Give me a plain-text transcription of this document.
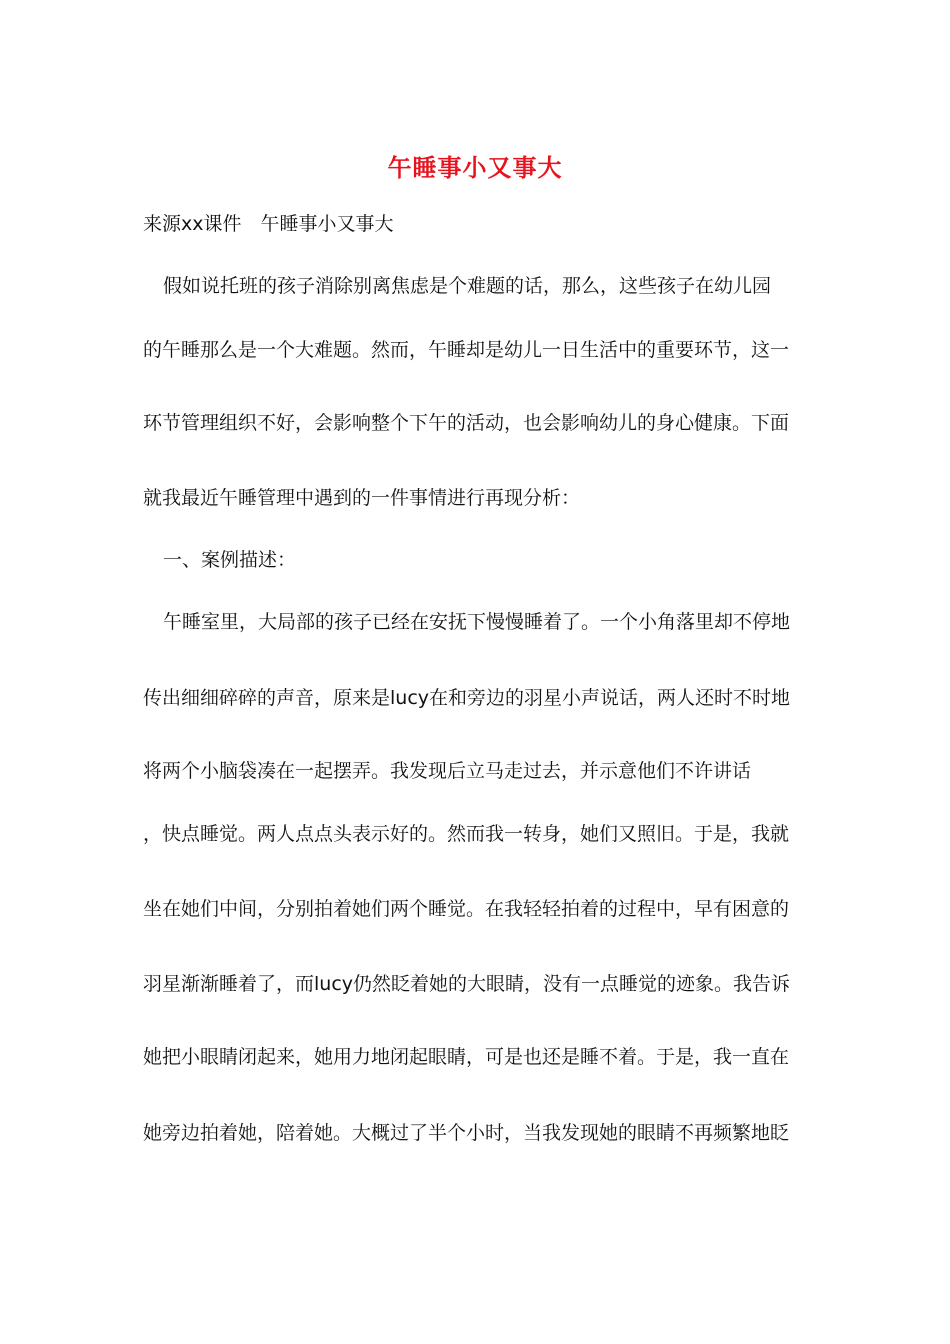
午睡事小又事大
来源xx课件　午睡事小又事大
假如说托班的孩子消除别离焦虑是个难题的话，那么，这些孩子在幼儿园
的午睡那么是一个大难题。然而，午睡却是幼儿一日生活中的重要环节，这一
环节管理组织不好，会影响整个下午的活动，也会影响幼儿的身心健康。下面
就我最近午睡管理中遇到的一件事情进行再现分析：
一、案例描述：
午睡室里，大局部的孩子已经在安抚下慢慢睡着了。一个小角落里却不停地
传出细细碎碎的声音，原来是lucy在和旁边的羽星小声说话，两人还时不时地
将两个小脑袋凑在一起摆弄。我发现后立马走过去，并示意他们不许讲话
，快点睡觉。两人点点头表示好的。然而我一转身，她们又照旧。于是，我就
坐在她们中间，分别拍着她们两个睡觉。在我轻轻拍着的过程中，早有困意的
羽星渐渐睡着了，而lucy仍然眨着她的大眼睛，没有一点睡觉的迹象。我告诉
她把小眼睛闭起来，她用力地闭起眼睛，可是也还是睡不着。于是，我一直在
她旁边拍着她，陪着她。大概过了半个小时，当我发现她的眼睛不再频繁地眨
